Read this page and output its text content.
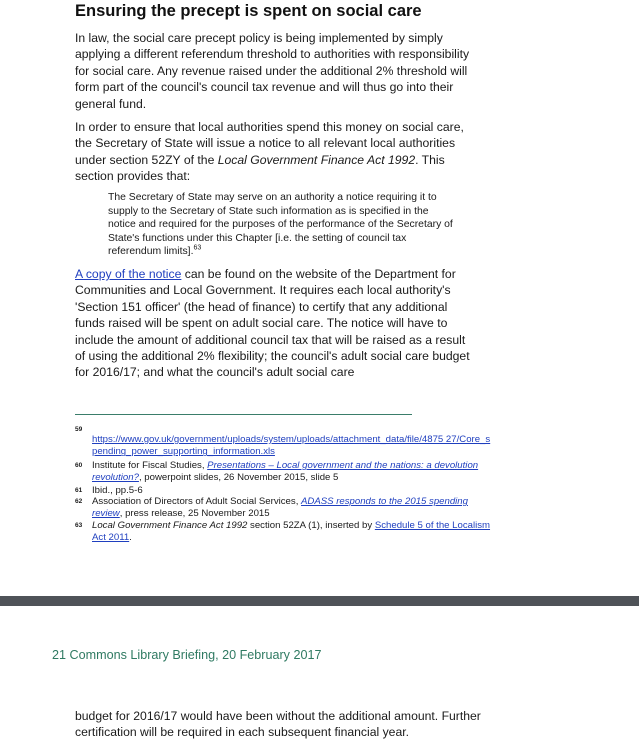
Ensuring the precept is spent on social care

In law, the social care precept policy is being implemented by simply applying a different referendum threshold to authorities with responsibility for social care. Any revenue raised under the additional 2% threshold will form part of the council's council tax revenue and will thus go into their general fund.

In order to ensure that local authorities spend this money on social care, the Secretary of State will issue a notice to all relevant local authorities under section 52ZY of the Local Government Finance Act 1992. This section provides that:

The Secretary of State may serve on an authority a notice requiring it to supply to the Secretary of State such information as is specified in the notice and required for the purposes of the performance of the Secretary of State's functions under this Chapter [i.e. the setting of council tax referendum limits].$^{63}$

A copy of the notice can be found on the website of the Department for Communities and Local Government. It requires each local authority's 'Section 151 officer' (the head of finance) to certify that any additional funds raised will be spent on adult social care. The notice will have to include the amount of additional council tax that will be raised as a result of using the additional 2% flexibility; the council's adult social care budget for 2016/17; and what the council's adult social care

59
https://www.gov.uk/government/uploads/system/uploads/attachment_data/file/4875 27/Core_spending_power_supporting_information.xls
60 Institute for Fiscal Studies, Presentations – Local government and the nations: a devolution revolution?, powerpoint slides, 26 November 2015, slide 5
61 Ibid., pp.5-6
62 Association of Directors of Adult Social Services, ADASS responds to the 2015 spending review, press release, 25 November 2015
63 Local Government Finance Act 1992 section 52ZA (1), inserted by Schedule 5 of the Localism Act 2011.

21 Commons Library Briefing, 20 February 2017

budget for 2016/17 would have been without the additional amount. Further certification will be required in each subsequent financial year.
